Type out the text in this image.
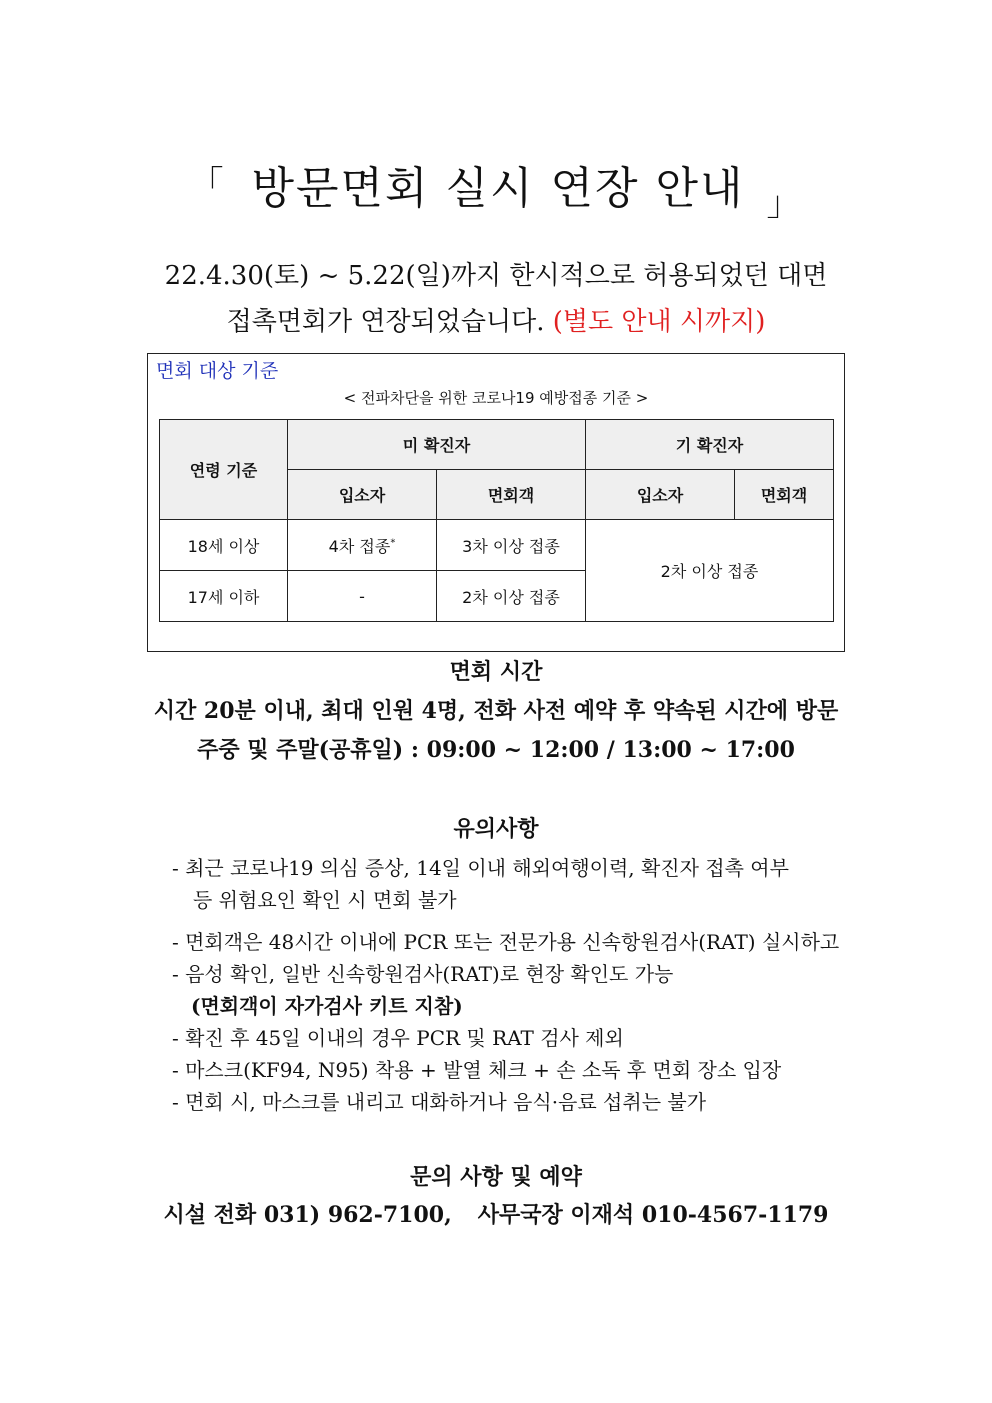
「 방문면회 실시 연장 안내 $_」$
22.4.30(토) ~ 5.22(일)까지 한시적으로 허용되었던 대면
접촉면회가 연장되었습니다. (별도 안내 시까지)
면회 대상 기준
< 전파차단을 위한 코로나19 예방접종 기준 >
연령 기준	미 확진자		기 확진자	
	입소자	면회객	입소자	면회객
18세 이상	4차 접종*	3차 이상 접종	2차 이상 접종	
17세 이하	-	2차 이상 접종		
면회 시간
시간 20분 이내, 최대 인원 4명, 전화 사전 예약 후 약속된 시간에 방문
주중 및 주말(공휴일) : 09:00 ~ 12:00 / 13:00 ~ 17:00
유의사항
- 최근 코로나19 의심 증상, 14일 이내 해외여행이력, 확진자 접촉 여부
등 위험요인 확인 시 면회 불가
- 면회객은 48시간 이내에 PCR 또는 전문가용 신속항원검사(RAT) 실시하고
- 음성 확인, 일반 신속항원검사(RAT)로 현장 확인도 가능
(면회객이 자가검사 키트 지참)
- 확진 후 45일 이내의 경우 PCR 및 RAT 검사 제외
- 마스크(KF94, N95) 착용 + 발열 체크 + 손 소독 후 면회 장소 입장
- 면회 시, 마스크를 내리고 대화하거나 음식·음료 섭취는 불가
문의 사항 및 예약
시설 전화 031) 962-7100, 사무국장 이재석 010-4567-1179
